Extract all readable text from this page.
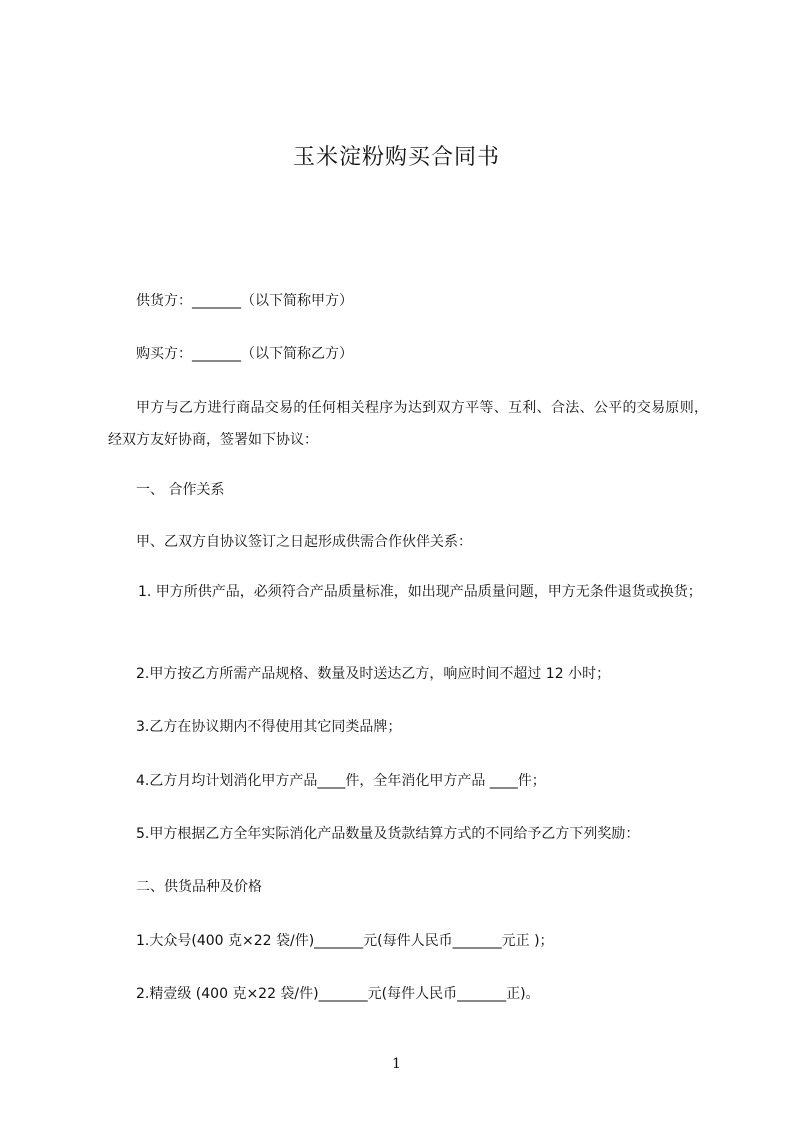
玉米淀粉购买合同书
供货方：_______（以下简称甲方）
购买方：_______（以下简称乙方）
甲方与乙方进行商品交易的任何相关程序为达到双方平等、互利、合法、公平的交易原则，经双方友好协商，签署如下协议：
一、 合作关系
甲、乙双方自协议签订之日起形成供需合作伙伴关系：
1. 甲方所供产品，必须符合产品质量标准，如出现产品质量问题，甲方无条件退货或换货；
2.甲方按乙方所需产品规格、数量及时送达乙方，响应时间不超过 12 小时；
3.乙方在协议期内不得使用其它同类品牌；
4.乙方月均计划消化甲方产品____件，全年消化甲方产品 ____件；
5.甲方根据乙方全年实际消化产品数量及货款结算方式的不同给予乙方下列奖励：
二、供货品种及价格
1.大众号(400 克×22 袋/件)_______元(每件人民币_______元正 )；
2.精壹级 (400 克×22 袋/件)_______元(每件人民币_______正)。
1
